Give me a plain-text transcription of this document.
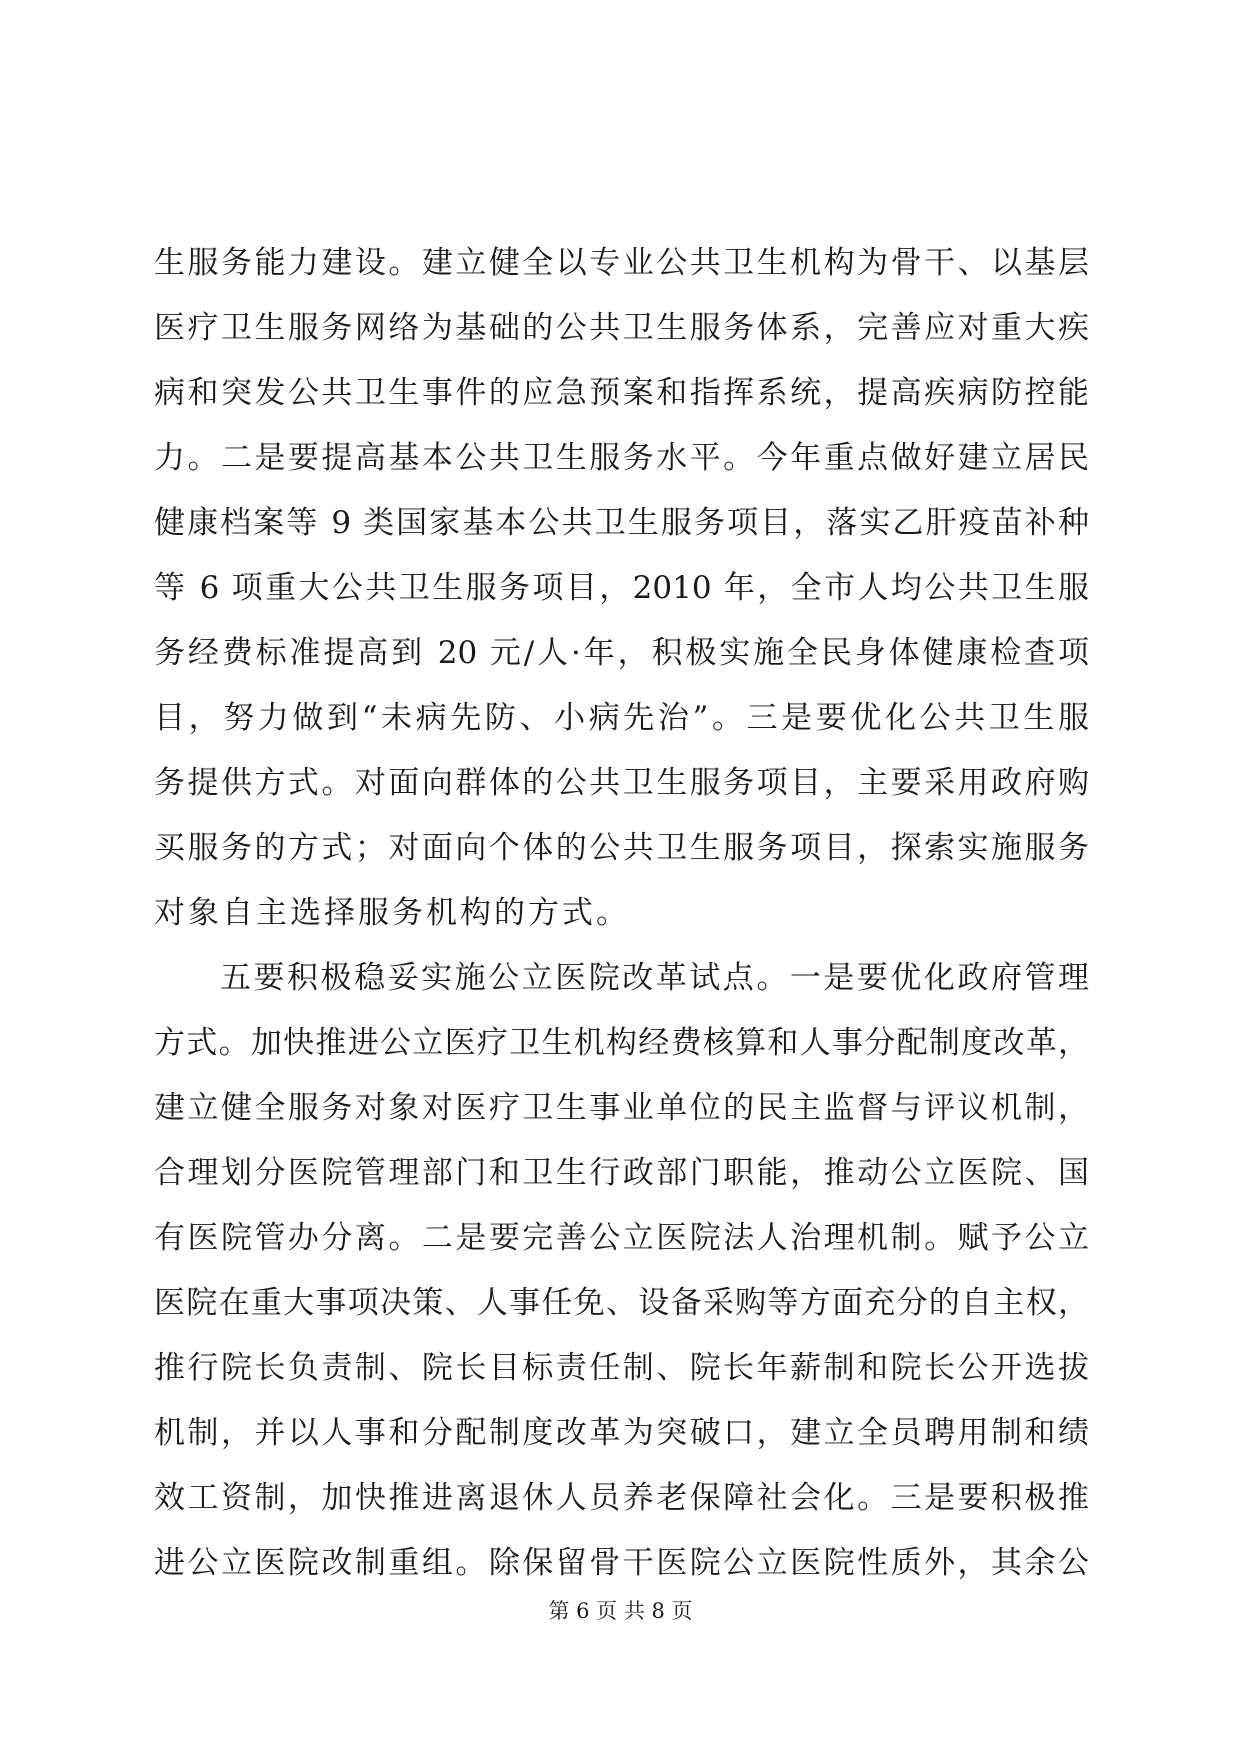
生服务能力建设。建立健全以专业公共卫生机构为骨干、以基层
医疗卫生服务网络为基础的公共卫生服务体系，完善应对重大疾
病和突发公共卫生事件的应急预案和指挥系统，提高疾病防控能
力。二是要提高基本公共卫生服务水平。今年重点做好建立居民
健康档案等 9 类国家基本公共卫生服务项目，落实乙肝疫苗补种
等 6 项重大公共卫生服务项目，2010 年，全市人均公共卫生服
务经费标准提高到 20 元/人·年，积极实施全民身体健康检查项
目，努力做到“未病先防、小病先治”。三是要优化公共卫生服
务提供方式。对面向群体的公共卫生服务项目，主要采用政府购
买服务的方式；对面向个体的公共卫生服务项目，探索实施服务
对象自主选择服务机构的方式。
五要积极稳妥实施公立医院改革试点。一是要优化政府管理
方式。加快推进公立医疗卫生机构经费核算和人事分配制度改革，
建立健全服务对象对医疗卫生事业单位的民主监督与评议机制，
合理划分医院管理部门和卫生行政部门职能，推动公立医院、国
有医院管办分离。二是要完善公立医院法人治理机制。赋予公立
医院在重大事项决策、人事任免、设备采购等方面充分的自主权，
推行院长负责制、院长目标责任制、院长年薪制和院长公开选拔
机制，并以人事和分配制度改革为突破口，建立全员聘用制和绩
效工资制，加快推进离退休人员养老保障社会化。三是要积极推
进公立医院改制重组。除保留骨干医院公立医院性质外，其余公
第 6 页 共 8 页
